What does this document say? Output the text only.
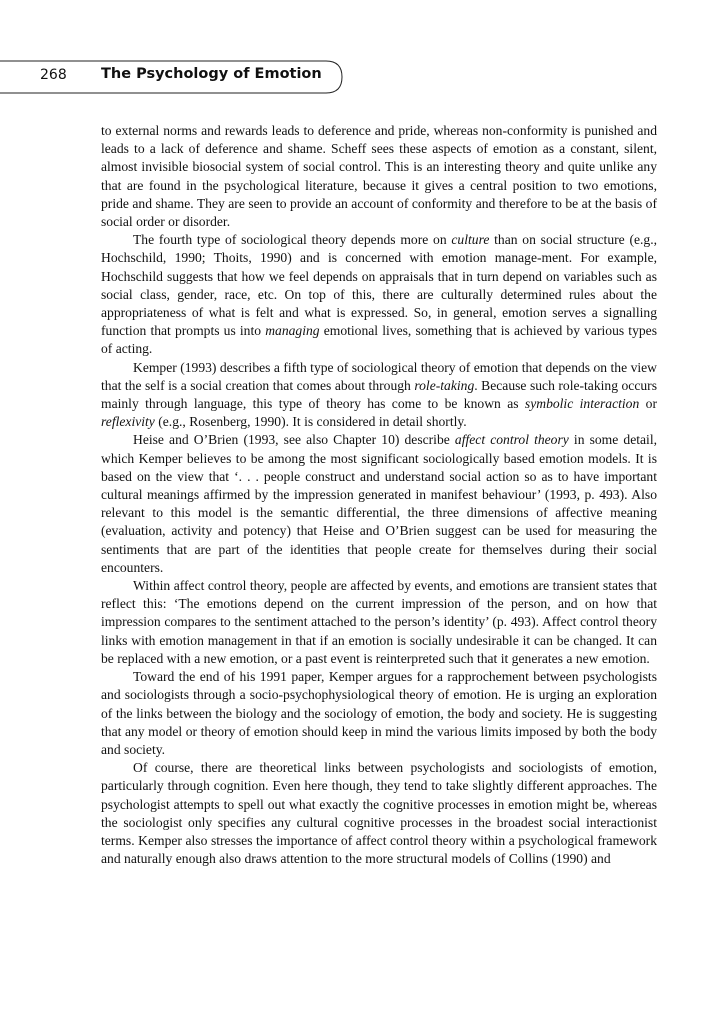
268 The Psychology of Emotion

to external norms and rewards leads to deference and pride, whereas non-conformity is punished and leads to a lack of deference and shame. Scheff sees these aspects of emotion as a constant, silent, almost invisible biosocial system of social control. This is an interesting theory and quite unlike any that are found in the psychological literature, because it gives a central position to two emotions, pride and shame. They are seen to provide an account of conformity and therefore to be at the basis of social order or disorder.

The fourth type of sociological theory depends more on culture than on social structure (e.g., Hochschild, 1990; Thoits, 1990) and is concerned with emotion manage-ment. For example, Hochschild suggests that how we feel depends on appraisals that in turn depend on variables such as social class, gender, race, etc. On top of this, there are culturally determined rules about the appropriateness of what is felt and what is expressed. So, in general, emotion serves a signalling function that prompts us into managing emotional lives, something that is achieved by various types of acting.

Kemper (1993) describes a fifth type of sociological theory of emotion that depends on the view that the self is a social creation that comes about through role-taking. Because such role-taking occurs mainly through language, this type of theory has come to be known as symbolic interaction or reflexivity (e.g., Rosenberg, 1990). It is considered in detail shortly.

Heise and O’Brien (1993, see also Chapter 10) describe affect control theory in some detail, which Kemper believes to be among the most significant sociologically based emotion models. It is based on the view that ‘. . . people construct and understand social action so as to have important cultural meanings affirmed by the impression generated in manifest behaviour’ (1993, p. 493). Also relevant to this model is the semantic differential, the three dimensions of affective meaning (evaluation, activity and potency) that Heise and O’Brien suggest can be used for measuring the sentiments that are part of the identities that people create for themselves during their social encounters.

Within affect control theory, people are affected by events, and emotions are transient states that reflect this: ‘The emotions depend on the current impression of the person, and on how that impression compares to the sentiment attached to the person’s identity’ (p. 493). Affect control theory links with emotion management in that if an emotion is socially undesirable it can be changed. It can be replaced with a new emotion, or a past event is reinterpreted such that it generates a new emotion.

Toward the end of his 1991 paper, Kemper argues for a rapprochement between psychologists and sociologists through a socio-psychophysiological theory of emotion. He is urging an exploration of the links between the biology and the sociology of emotion, the body and society. He is suggesting that any model or theory of emotion should keep in mind the various limits imposed by both the body and society.

Of course, there are theoretical links between psychologists and sociologists of emotion, particularly through cognition. Even here though, they tend to take slightly different approaches. The psychologist attempts to spell out what exactly the cognitive processes in emotion might be, whereas the sociologist only specifies any cultural cognitive processes in the broadest social interactionist terms. Kemper also stresses the importance of affect control theory within a psychological framework and naturally enough also draws attention to the more structural models of Collins (1990) and
